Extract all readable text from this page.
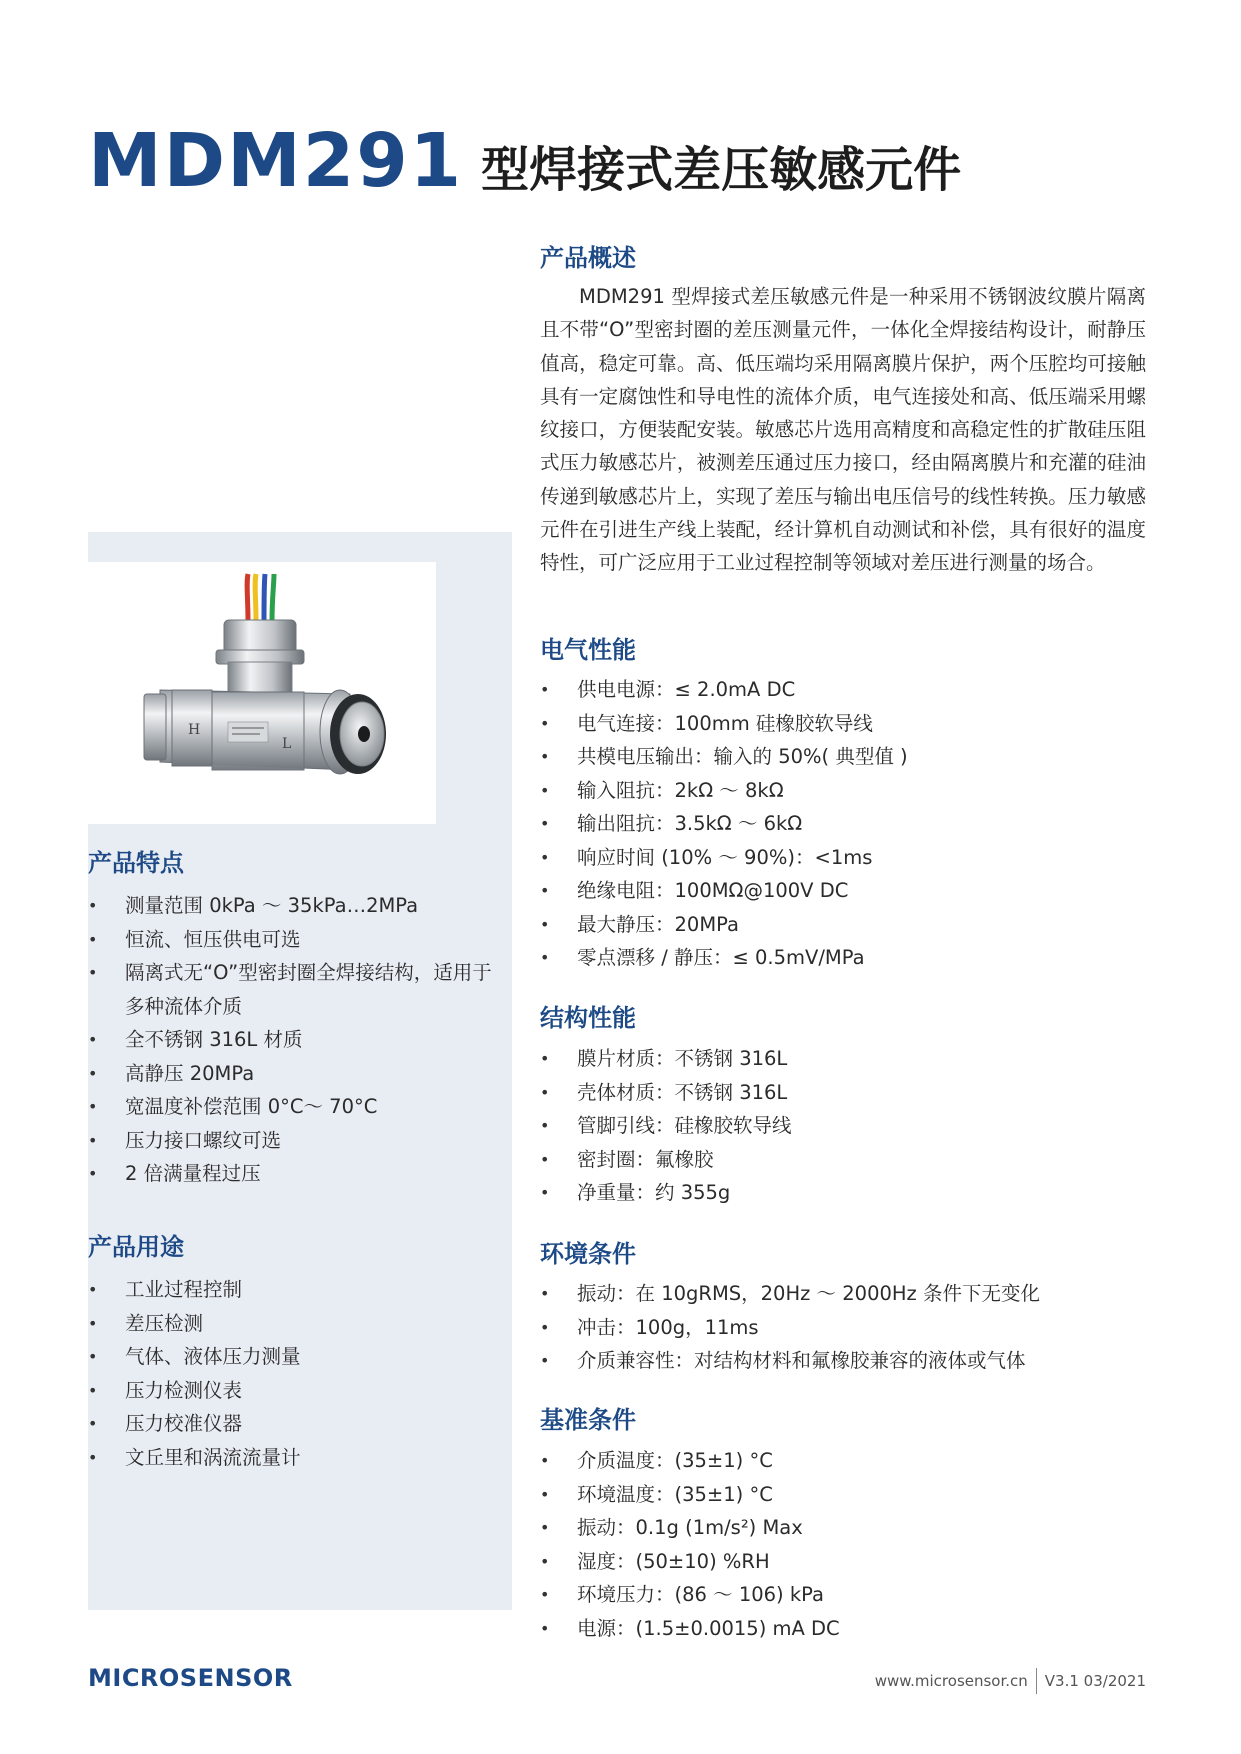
MDM291 型焊接式差压敏感元件
H
L
产品特点
• 测量范围 0kPa ～ 35kPa…2MPa
• 恒流、恒压供电可选
• 隔离式无“O”型密封圈全焊接结构，适用于多种流体介质
• 全不锈钢 316L 材质
• 高静压 20MPa
• 宽温度补偿范围 0°C～ 70°C
• 压力接口螺纹可选
• 2 倍满量程过压
产品用途
• 工业过程控制
• 差压检测
• 气体、液体压力测量
• 压力检测仪表
• 压力校准仪器
• 文丘里和涡流流量计
产品概述

MDM291 型焊接式差压敏感元件是一种采用不锈钢波纹膜片隔离且不带“O”型密封圈的差压测量元件，一体化全焊接结构设计，耐静压值高，稳定可靠。高、低压端均采用隔离膜片保护，两个压腔均可接触具有一定腐蚀性和导电性的流体介质，电气连接处和高、低压端采用螺纹接口，方便装配安装。敏感芯片选用高精度和高稳定性的扩散硅压阻式压力敏感芯片，被测差压通过压力接口，经由隔离膜片和充灌的硅油传递到敏感芯片上，实现了差压与输出电压信号的线性转换。压力敏感元件在引进生产线上装配，经计算机自动测试和补偿，具有很好的温度特性，可广泛应用于工业过程控制等领域对差压进行测量的场合。

电气性能
• 供电电源：≤ 2.0mA DC
• 电气连接：100mm 硅橡胶软导线
• 共模电压输出：输入的 50%( 典型值 )
• 输入阻抗：2kΩ ～ 8kΩ
• 输出阻抗：3.5kΩ ～ 6kΩ
• 响应时间 (10% ～ 90%)：<1ms
• 绝缘电阻：100MΩ@100V DC
• 最大静压：20MPa
• 零点漂移 / 静压：≤ 0.5mV/MPa
结构性能
• 膜片材质：不锈钢 316L
• 壳体材质：不锈钢 316L
• 管脚引线：硅橡胶软导线
• 密封圈：氟橡胶
• 净重量：约 355g
环境条件
• 振动：在 10gRMS，20Hz ～ 2000Hz 条件下无变化
• 冲击：100g，11ms
• 介质兼容性：对结构材料和氟橡胶兼容的液体或气体
基准条件
• 介质温度：(35±1) °C
• 环境温度：(35±1) °C
• 振动：0.1g (1m/s²) Max
• 湿度：(50±10) %RH
• 环境压力：(86 ～ 106) kPa
• 电源：(1.5±0.0015) mA DC
MICROSENSOR	www.microsensor.cn V3.1 03/2021
